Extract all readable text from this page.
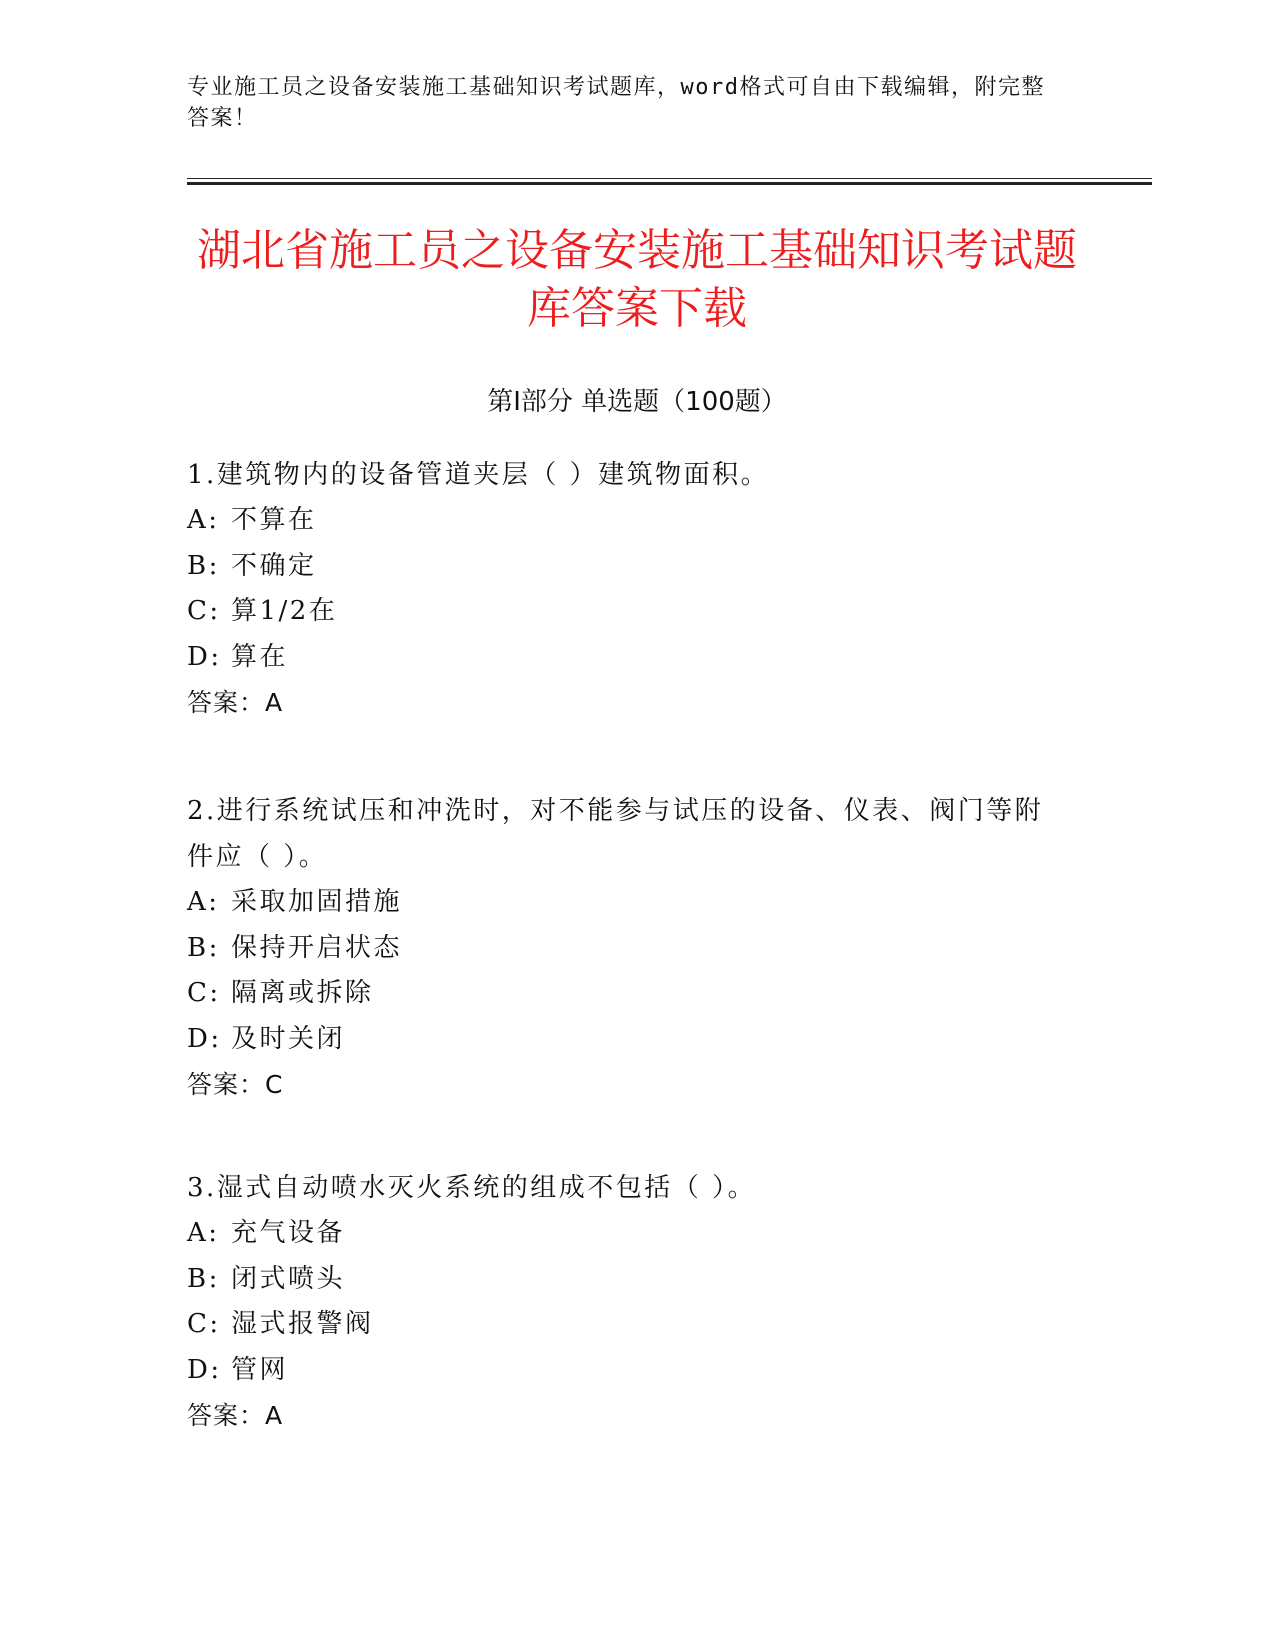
专业施工员之设备安装施工基础知识考试题库，word格式可自由下载编辑，附完整答案！
湖北省施工员之设备安装施工基础知识考试题库答案下载
第Ⅰ部分 单选题（100题）

1.建筑物内的设备管道夹层（ ）建筑物面积。

A: 不算在

B: 不确定

C: 算1/2在

D: 算在

答案：A

2.进行系统试压和冲洗时，对不能参与试压的设备、仪表、阀门等附件应（ ）。

A: 采取加固措施

B: 保持开启状态

C: 隔离或拆除

D: 及时关闭

答案：C

3.湿式自动喷水灭火系统的组成不包括（ ）。

A: 充气设备

B: 闭式喷头

C: 湿式报警阀

D: 管网

答案：A
